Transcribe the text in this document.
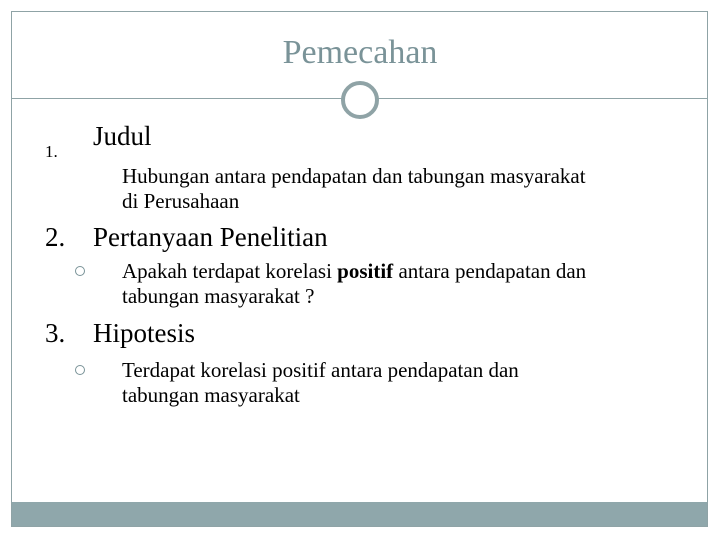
Pemecahan
1.
Judul
Hubungan antara pendapatan dan tabungan masyarakat
di Perusahaan
2. Pertanyaan Penelitian
Apakah terdapat korelasi positif antara pendapatan dan
tabungan masyarakat ?
3. Hipotesis
Terdapat korelasi positif antara pendapatan dan
tabungan masyarakat
